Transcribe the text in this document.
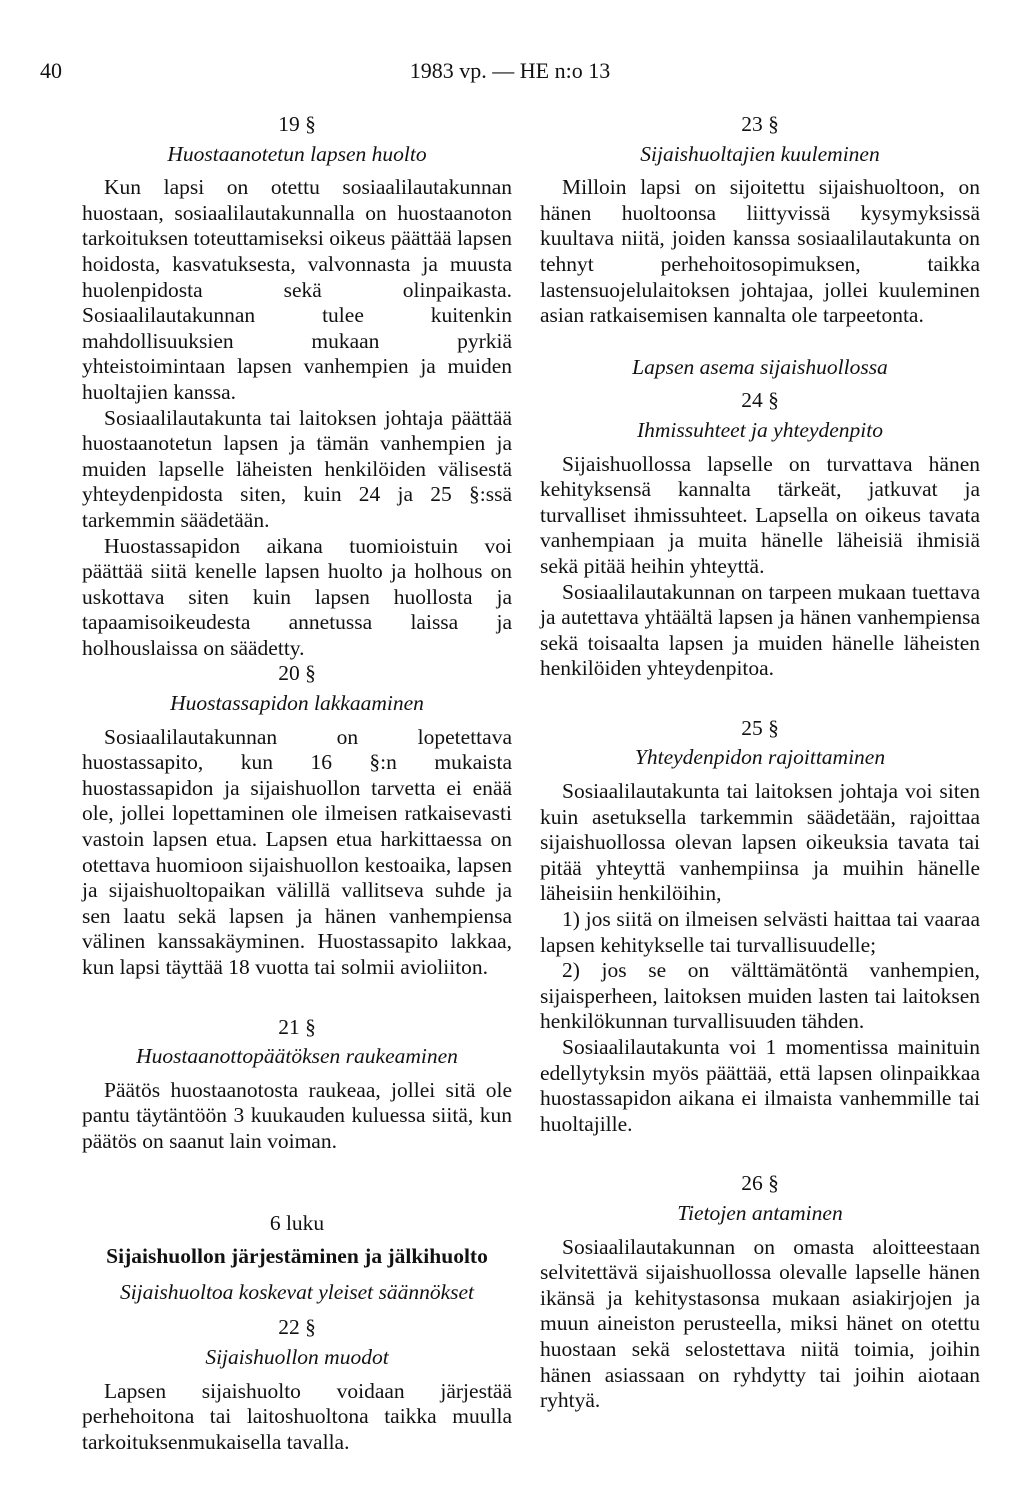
40	1983 vp. — HE n:o 13
19 §
Huostaanotetun lapsen huolto

Kun lapsi on otettu sosiaalilautakunnan huostaan, sosiaalilautakunnalla on huostaanoton tarkoituksen toteuttamiseksi oikeus päättää lapsen hoidosta, kasvatuksesta, valvonnasta ja muusta huolenpidosta sekä olinpaikasta. Sosiaalilautakunnan tulee kuitenkin mahdollisuuksien mukaan pyrkiä yhteistoimintaan lapsen vanhempien ja muiden huoltajien kanssa.

Sosiaalilautakunta tai laitoksen johtaja päättää huostaanotetun lapsen ja tämän vanhempien ja muiden lapselle läheisten henkilöiden välisestä yhteydenpidosta siten, kuin 24 ja 25 §:ssä tarkemmin säädetään.

Huostassapidon aikana tuomioistuin voi päättää siitä kenelle lapsen huolto ja holhous on uskottava siten kuin lapsen huollosta ja tapaamisoikeudesta annetussa laissa ja holhouslaissa on säädetty.

20 §
Huostassapidon lakkaaminen

Sosiaalilautakunnan on lopetettava huostassapito, kun 16 §:n mukaista huostassapidon ja sijaishuollon tarvetta ei enää ole, jollei lopettaminen ole ilmeisen ratkaisevasti vastoin lapsen etua. Lapsen etua harkittaessa on otettava huomioon sijaishuollon kestoaika, lapsen ja sijaishuoltopaikan välillä vallitseva suhde ja sen laatu sekä lapsen ja hänen vanhempiensa välinen kanssakäyminen. Huostassapito lakkaa, kun lapsi täyttää 18 vuotta tai solmii avioliiton.

21 §
Huostaanottopäätöksen raukeaminen

Päätös huostaanotosta raukeaa, jollei sitä ole pantu täytäntöön 3 kuukauden kuluessa siitä, kun päätös on saanut lain voiman.

6 luku
Sijaishuollon järjestäminen ja jälkihuolto
Sijaishuoltoa koskevat yleiset säännökset
22 §
Sijaishuollon muodot

Lapsen sijaishuolto voidaan järjestää perhehoitona tai laitoshuoltona taikka muulla tarkoituksenmukaisella tavalla.

23 §
Sijaishuoltajien kuuleminen

Milloin lapsi on sijoitettu sijaishuoltoon, on hänen huoltoonsa liittyvissä kysymyksissä kuultava niitä, joiden kanssa sosiaalilautakunta on tehnyt perhehoitosopimuksen, taikka lastensuojelulaitoksen johtajaa, jollei kuuleminen asian ratkaisemisen kannalta ole tarpeetonta.

Lapsen asema sijaishuollossa
24 §
Ihmissuhteet ja yhteydenpito

Sijaishuollossa lapselle on turvattava hänen kehityksensä kannalta tärkeät, jatkuvat ja turvalliset ihmissuhteet. Lapsella on oikeus tavata vanhempiaan ja muita hänelle läheisiä ihmisiä sekä pitää heihin yhteyttä.

Sosiaalilautakunnan on tarpeen mukaan tuettava ja autettava yhtäältä lapsen ja hänen vanhempiensa sekä toisaalta lapsen ja muiden hänelle läheisten henkilöiden yhteydenpitoa.

25 §
Yhteydenpidon rajoittaminen

Sosiaalilautakunta tai laitoksen johtaja voi siten kuin asetuksella tarkemmin säädetään, rajoittaa sijaishuollossa olevan lapsen oikeuksia tavata tai pitää yhteyttä vanhempiinsa ja muihin hänelle läheisiin henkilöihin,

1) jos siitä on ilmeisen selvästi haittaa tai vaaraa lapsen kehitykselle tai turvallisuudelle;

2) jos se on välttämätöntä vanhempien, sijaisperheen, laitoksen muiden lasten tai laitoksen henkilökunnan turvallisuuden tähden.

Sosiaalilautakunta voi 1 momentissa mainituin edellytyksin myös päättää, että lapsen olinpaikkaa huostassapidon aikana ei ilmaista vanhemmille tai huoltajille.

26 §
Tietojen antaminen

Sosiaalilautakunnan on omasta aloitteestaan selvitettävä sijaishuollossa olevalle lapselle hänen ikänsä ja kehitystasonsa mukaan asiakirjojen ja muun aineiston perusteella, miksi hänet on otettu huostaan sekä selostettava niitä toimia, joihin hänen asiassaan on ryhdytty tai joihin aiotaan ryhtyä.
